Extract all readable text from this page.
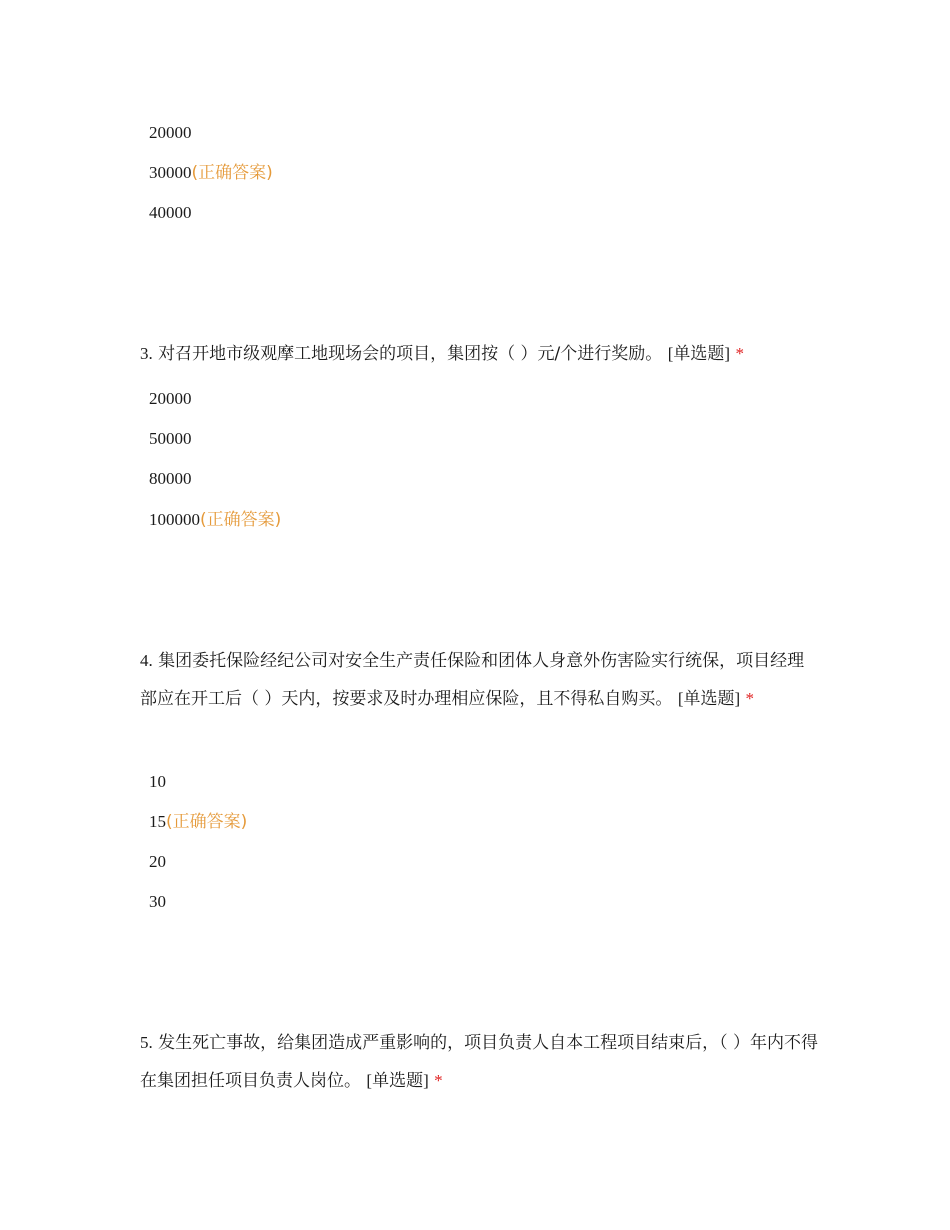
20000
30000(正确答案)
40000
3. 对召开地市级观摩工地现场会的项目，集团按（ ）元/个进行奖励。 [单选题] *
20000
50000
80000
100000(正确答案)
4. 集团委托保险经纪公司对安全生产责任保险和团体人身意外伤害险实行统保，项目经理部应在开工后（ ）天内，按要求及时办理相应保险，且不得私自购买。 [单选题] *
10
15(正确答案)
20
30
5. 发生死亡事故，给集团造成严重影响的，项目负责人自本工程项目结束后，（ ）年内不得在集团担任项目负责人岗位。 [单选题] *
